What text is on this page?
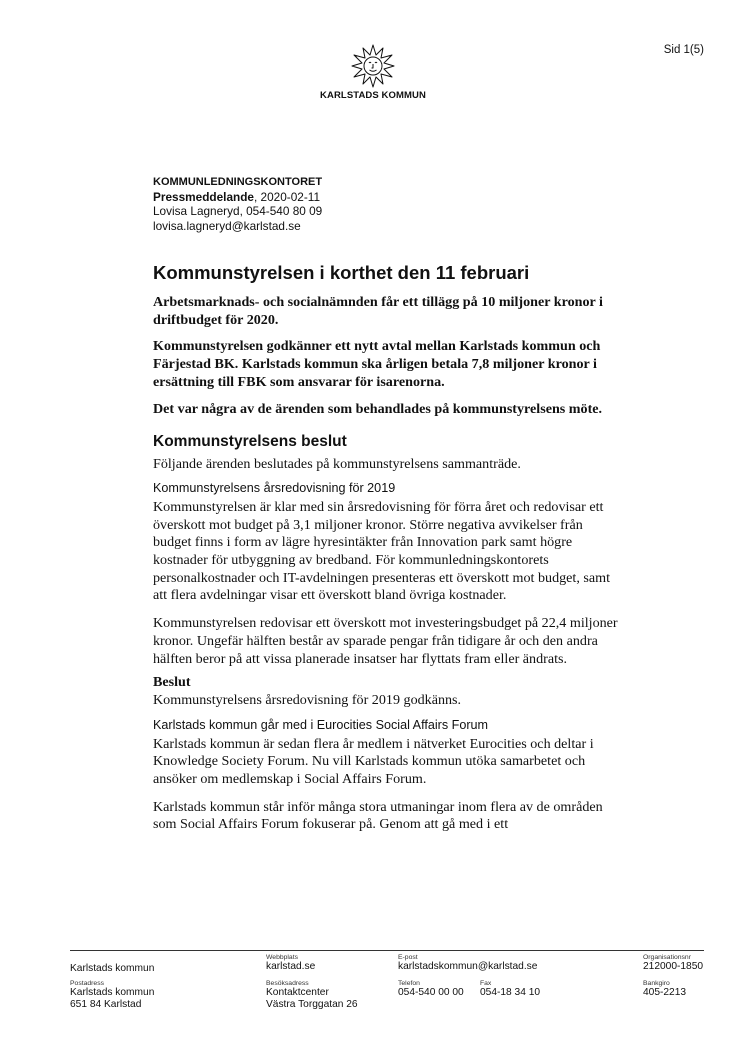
Sid 1(5)
KARLSTADS KOMMUN
KOMMUNLEDNINGSKONTORET
Pressmeddelande, 2020-02-11
Lovisa Lagneryd, 054-540 80 09
lovisa.lagneryd@karlstad.se
Kommunstyrelsen i korthet den 11 februari

Arbetsmarknads- och socialnämnden får ett tillägg på 10 miljoner kronor i driftbudget för 2020.

Kommunstyrelsen godkänner ett nytt avtal mellan Karlstads kommun och Färjestad BK. Karlstads kommun ska årligen betala 7,8 miljoner kronor i ersättning till FBK som ansvarar för isarenorna.

Det var några av de ärenden som behandlades på kommunstyrelsens möte.

Kommunstyrelsens beslut

Följande ärenden beslutades på kommunstyrelsens sammanträde.

Kommunstyrelsens årsredovisning för 2019

Kommunstyrelsen är klar med sin årsredovisning för förra året och redovisar ett överskott mot budget på 3,1 miljoner kronor. Större negativa avvikelser från budget finns i form av lägre hyresintäkter från Innovation park samt högre kostnader för utbyggning av bredband. För kommunledningskontorets personalkostnader och IT-avdelningen presenteras ett överskott mot budget, samt att flera avdelningar visar ett överskott bland övriga kostnader.

Kommunstyrelsen redovisar ett överskott mot investeringsbudget på 22,4 miljoner kronor. Ungefär hälften består av sparade pengar från tidigare år och den andra hälften beror på att vissa planerade insatser har flyttats fram eller ändrats.

Beslut

Kommunstyrelsens årsredovisning för 2019 godkänns.

Karlstads kommun går med i Eurocities Social Affairs Forum

Karlstads kommun är sedan flera år medlem i nätverket Eurocities och deltar i Knowledge Society Forum. Nu vill Karlstads kommun utöka samarbetet och ansöker om medlemskap i Social Affairs Forum.

Karlstads kommun står inför många stora utmaningar inom flera av de områden som Social Affairs Forum fokuserar på. Genom att gå med i ett

Karlstads kommun
Webbplats
karlstad.se
E-post
karlstadskommun@karlstad.se
Organisationsnr
212000-1850
Postadress
Karlstads kommun
651 84 Karlstad
Besöksadress
Kontaktcenter
Västra Torggatan 26
Telefon
054-540 00 00
Fax
054-18 34 10
Bankgiro
405-2213
